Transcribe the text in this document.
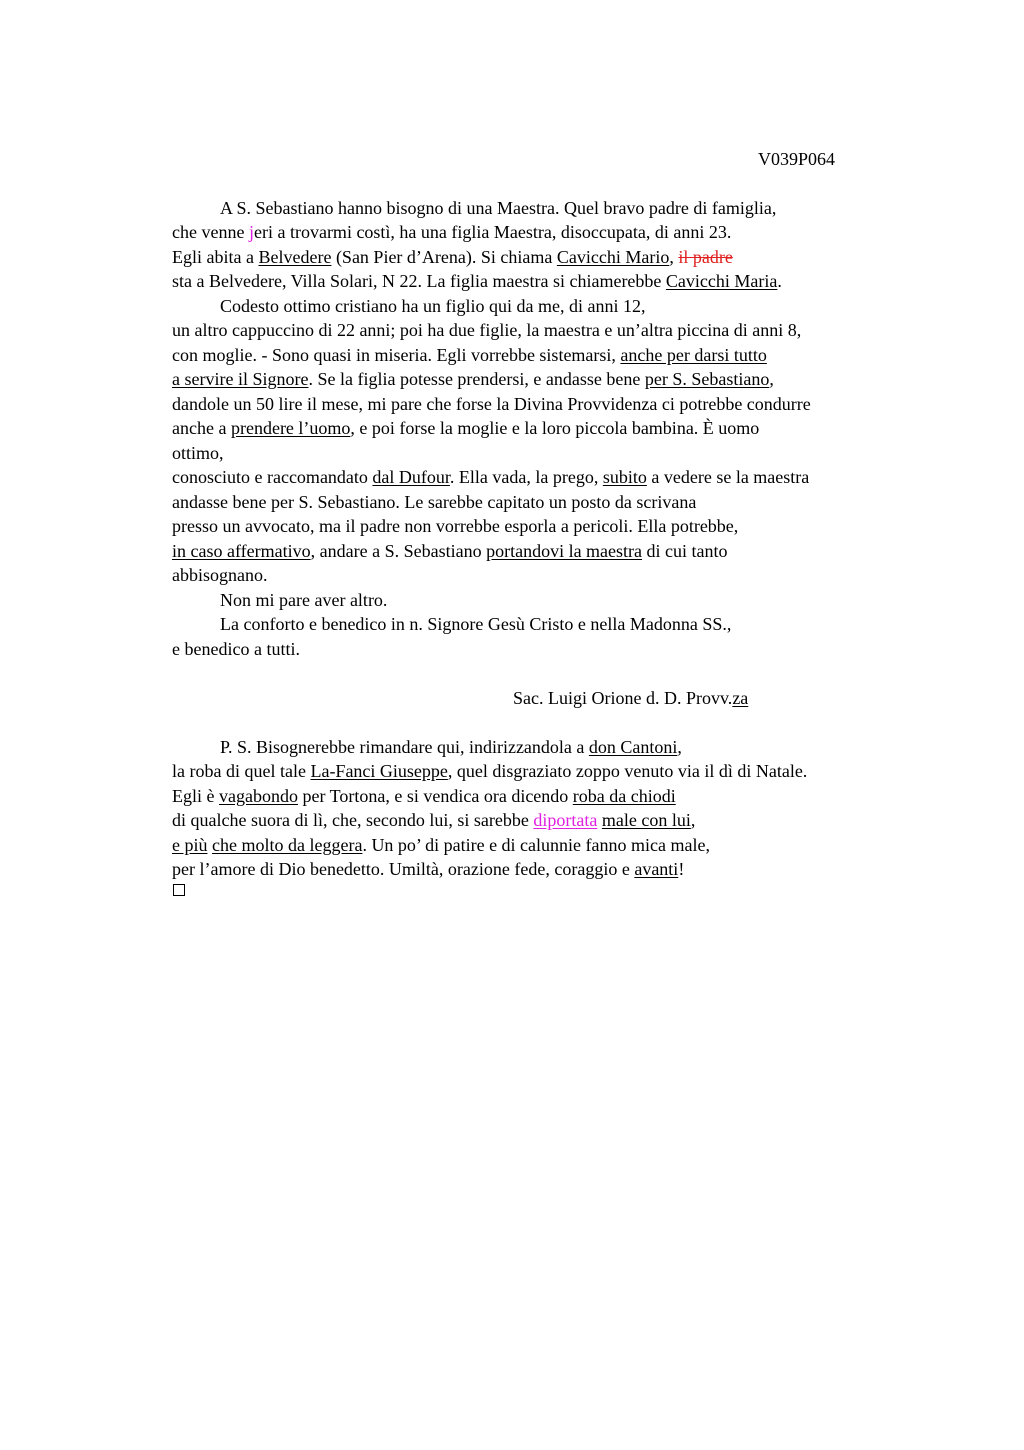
V039P064
A S. Sebastiano hanno bisogno di una Maestra. Quel bravo padre di famiglia,
che venne jeri a trovarmi costì, ha una figlia Maestra, disoccupata, di anni 23.
Egli abita a Belvedere (San Pier d’Arena). Si chiama Cavicchi Mario, il padre
sta a Belvedere, Villa Solari, N 22. La figlia maestra si chiamerebbe Cavicchi Maria.
Codesto ottimo cristiano ha un figlio qui da me, di anni 12,
un altro cappuccino di 22 anni; poi ha due figlie, la maestra e un’altra piccina di anni 8,
con moglie. - Sono quasi in miseria. Egli vorrebbe sistemarsi, anche per darsi tutto
a servire il Signore. Se la figlia potesse prendersi, e andasse bene per S. Sebastiano,
dandole un 50 lire il mese, mi pare che forse la Divina Provvidenza ci potrebbe condurre
anche a prendere l’uomo, e poi forse la moglie e la loro piccola bambina. È uomo
ottimo,
conosciuto e raccomandato dal Dufour. Ella vada, la prego, subito a vedere se la maestra
andasse bene per S. Sebastiano. Le sarebbe capitato un posto da scrivana
presso un avvocato, ma il padre non vorrebbe esporla a pericoli. Ella potrebbe,
in caso affermativo, andare a S. Sebastiano portandovi la maestra di cui tanto
abbisognano.
Non mi pare aver altro.
La conforto e benedico in n. Signore Gesù Cristo e nella Madonna SS.,
e benedico a tutti.
Sac. Luigi Orione d. D. Provv.za
P. S. Bisognerebbe rimandare qui, indirizzandola a don Cantoni,
la roba di quel tale La-Fanci Giuseppe, quel disgraziato zoppo venuto via il dì di Natale.
Egli è vagabondo per Tortona, e si vendica ora dicendo roba da chiodi
di qualche suora di lì, che, secondo lui, si sarebbe diportata male con lui,
e più che molto da leggera. Un po’ di patire e di calunnie fanno mica male,
per l’amore di Dio benedetto. Umiltà, orazione fede, coraggio e avanti!
